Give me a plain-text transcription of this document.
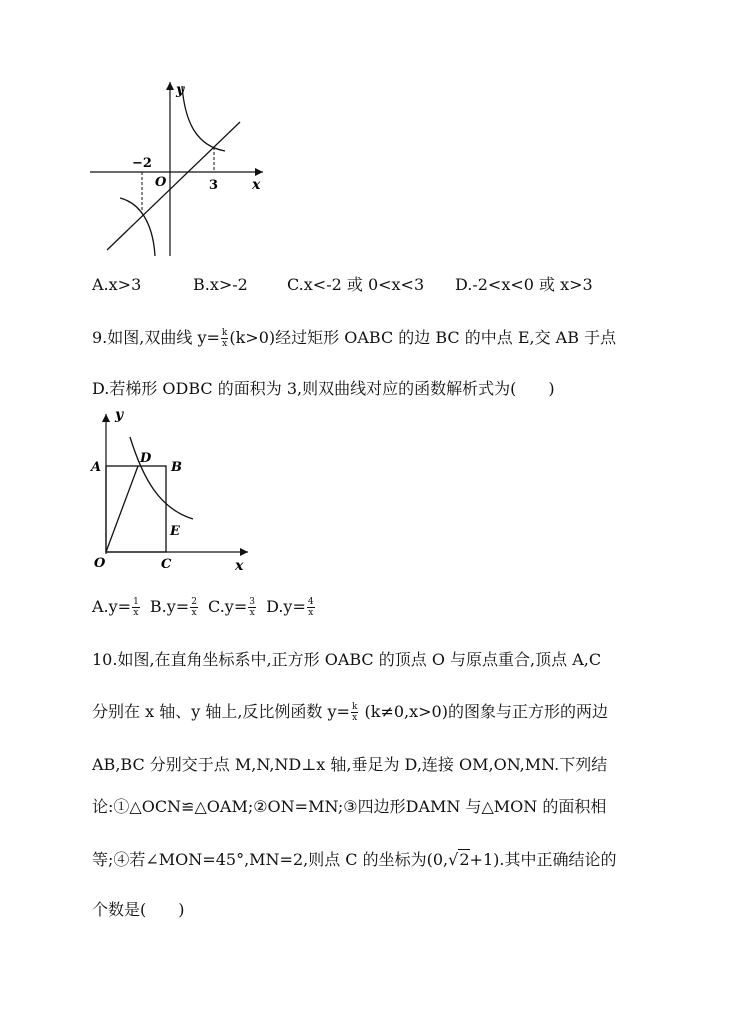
y
x
O
−2
3
A.x>3	B.x>-2 C.x<-2 或 0<x<3 D.-2<x<0 或 x>3
9.如图,双曲线 $y= \frac{k}{x} (k>0)$经过矩形 OABC 的边 BC 的中点 E,交 AB 于点
D.若梯形 ODBC 的面积为 3,则双曲线对应的函数解析式为(　　)
y
x
A
D
B
E
O	C
$A.y= \frac{1}{x} B.y= \frac{2}{x} C.y= \frac{3}{x} D.y= \frac{4}{x}$
10.如图,在直角坐标系中,正方形 OABC 的顶点 O 与原点重合,顶点 A,C
分别在 x 轴、y 轴上,反比例函数 $y= \frac{k}{x} (k\ne 0,x>0)$的图象与正方形的两边
AB,BC 分别交于点 M,N,ND⊥x 轴,垂足为 D,连接 OM,ON,MN.下列结
论:①△OCN≌△OAM;②ON=MN;③四边形DAMN 与△MON 的面积相
等;④若∠MON=45°,MN=2,则点 C 的坐标为(0,√2+1).其中正确结论的
个数是(　　)
